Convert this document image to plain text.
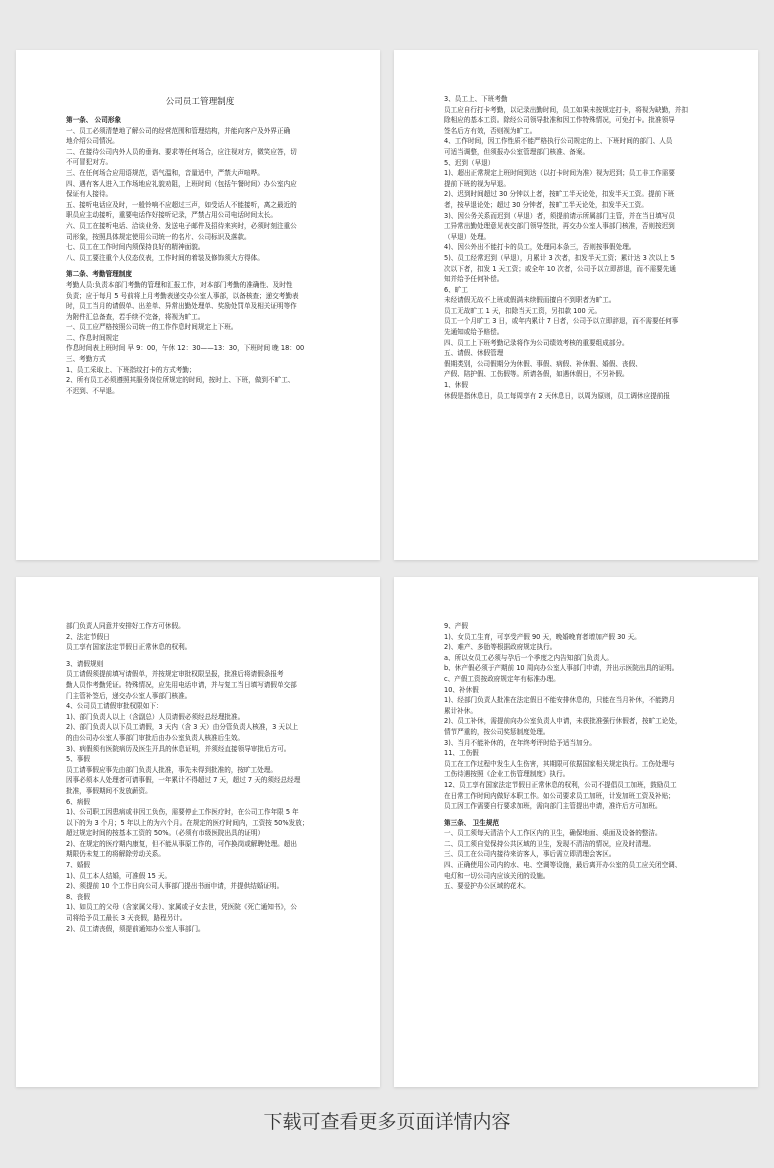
公司员工管理制度
第一条、 公司形象
一、员工必须清楚地了解公司的经营范围和管理结构，并能向客户及外界正确
地介绍公司情况。
二、在接待公司内外人员的垂询、要求等任何场合，应注视对方，微笑应答，切
不可冒犯对方。
三、在任何场合应用语规范，语气温和，音量适中，严禁大声喧哗。
四、遇有客人进入工作场地应礼貌劝阻，上班时间（包括午餐时间）办公室内应
保证有人接待。
五、接听电话应及时，一般铃响不应超过三声，如受话人不能接听，离之最近的
职员应主动接听，重要电话作好接听记录，严禁占用公司电话时间太长。
六、员工在接听电话、洽谈业务、发送电子邮件及招待来宾时，必须时刻注重公
司形象，按照具体规定使用公司统一的名片、公司标识及落款。
七、员工在工作时间内须保持良好的精神面貌。
八、员工要注重个人仪态仪表，工作时间的着装及修饰须大方得体。
第二条、考勤管理制度
考勤人员:负责本部门考勤的管理和汇报工作，对本部门考勤的准确性、及时性
负责；应于每月 5 号前将上月考勤表递交办公室人事部，以备核查；递交考勤表
时，员工当月的请假单、出差单、异常出勤处理单、奖励处罚单及相关证明等作
为附件汇总备查，若手续不完备，将视为旷工。
一、员工应严格按照公司统一的工作作息时间规定上下班。
二、作息时间规定
作息时间表上班时间 早 9：00，午休 12：30——13：30，下班时间 晚 18：00
三、考勤方式
1、员工采取上、下班指纹打卡的方式考勤；
2、所有员工必须遵照其服务岗位所规定的时间，按时上、下班，做到不旷工、
不迟到、不早退。
3、员工上、下班考勤
员工应自行打卡考勤，以记录出勤时间，员工如果未按规定打卡，将视为缺勤，并扣
除相应的基本工资。除经公司领导批准和因工作特殊情况，可免打卡。批准领导
签名后方有效，否则视为旷工。
4、工作时间，因工作性质不能严格执行公司规定的上、下班时间的部门、人员
可适当调整，但须报办公室管理部门核准、备案。
5、迟到（早退）
1)、超出正常规定上班时间到达（以打卡时间为准）视为迟到；员工非工作需要
提前下班的视为早退。
2)、迟到时间超过 30 分钟以上者，按旷工半天论处，扣发半天工资。提前下班
者，按早退论处；超过 30 分钟者，按旷工半天论处，扣发半天工资。
3)、因公务关系而迟到（早退）者，须提前请示所属部门主管，并在当日填写员
工异常出勤处理意见表交部门领导签批，再交办公室人事部门核准，否则按迟到
（早退）处理。
4)、因公外出不能打卡的员工，处理同本条三，否则按事假处理。
5)、员工经常迟到（早退），月累计 3 次者，扣发半天工资；累计达 3 次以上 5
次以下者，扣发 1 天工资；或全年 10 次者，公司予以立即辞退，而不需要先通
知并给予任何补偿。
6、旷工
未经请假无故不上班或假满未续假而擅自不到职者为旷工。
员工无故旷工 1 天，扣除当天工资，另扣款 100 元。
员工一个月旷工 3 日，或年内累计 7 日者，公司予以立即辞退，而不需要任何事
先通知或给予赔偿。
四、员工上下班考勤记录将作为公司绩效考核的重要组成部分。
五、请假、休假管理
假期类别，公司假期分为休假、事假、病假、补休假、婚假、丧假、
产假、陪护假、工伤假等。所请各假，如遇休假日，不另补假。
1、休假
休假是指休息日，员工每周享有 2 天休息日，以周为原则，员工调休应提前报
部门负责人同意并安排好工作方可休假。
2、法定节假日
员工享有国家法定节假日正常休息的权利。
3、请假规则
员工请假须提前填写请假单，并按规定审批权限呈报，批准后将请假条报考
勤人员作考勤凭证。特殊情况，应先用电话申请，并与复工当日填写请假单交部
门主管补签后，递交办公室人事部门核准。
4、公司员工请假审批权限如下：
1)、部门负责人以上（含副总）人员请假必须经总经理批准。
2)、部门负责人以下员工请假，3 天内（含 3 天）由分管负责人核准，3 天以上
的由公司办公室人事部门审批后由办公室负责人核准后生效。
3)、病假须有医院病历及医生开具的休息证明，并须经直接领导审批后方可。
5、事假
员工请事假应事先由部门负责人批准，事先未得到批准的，按旷工处理。
因事必须本人处理者可请事假，一年累计不得超过 7 天，超过 7 天的须经总经理
批准，事假期间不发放薪资。
6、病假
1)、公司职工因患病或非因工负伤，需要停止工作医疗时，在公司工作年限 5 年
以下的为 3 个月；5 年以上的为六个月。在规定的医疗时间内，工资按 50%发放；
超过规定时间的按基本工资的 50%。（必须有市级医院出具的证明）
2)、在规定的医疗期内康复，但不能从事原工作的，可作换岗或解聘处理。超出
期限仍未复工的将解除劳动关系。
7、婚假
1)、员工本人结婚，可准假 15 天。
2)、须提前 10 个工作日向公司人事部门提出书面申请，并提供结婚证明。
8、丧假
1)、如员工的父母（含家属父母）、家属或子女去世，凭医院《死亡通知书》，公
司将给予员工最长 3 天丧假，路程另计。
2)、员工请丧假，须提前通知办公室人事部门。
9、产假
1)、女员工生育，可享受产假 90 天，晚婚晚育者增加产假 30 天。
2)、难产、多胎等根据政府规定执行。
a、所以女员工必须与孕后一个季度之内告知部门负责人。
b、休产假必须于产期前 10 周向办公室人事部门申请，并出示医院出具的证明。
c、产假工资按政府规定年有标准办理。
10、补休假
1)、经部门负责人批准在法定假日不能安排休息的，只能在当月补休，不能跨月
累计补休。
2)、员工补休，需提前向办公室负责人申请，未获批准强行休假者，按旷工论处，
情节严重的，按公司奖惩制度处理。
3)、当月不能补休的，在年终考评时给予适当加分。
11、工伤假
员工在工作过程中发生人生伤害，其期限可依据国家相关规定执行。工伤处理与
工伤待遇按照《企业工伤管理制度》执行。
12、员工享有国家法定节假日正常休息的权利，公司不提倡员工加班，鼓励员工
在日常工作时间内做好本职工作。如公司要求员工加班，计发加班工资及补贴；
员工因工作需要自行要求加班，需向部门主管提出申请，准许后方可加班。
第三条、 卫生规范
一、员工须每天清洁个人工作区内的卫生，确保地面、桌面及设备的整洁。
二、员工须自觉保持公共区域的卫生，发现不清洁的情况，应及时清理。
三、员工在公司内接待来访客人，事后需立即清理会客区。
四、正确使用公司内的水、电、空调等设施，最后离开办公室的员工应关闭空调、
电灯和一切公司内应该关闭的设施。
五、要爱护办公区域的花木。
下载可查看更多页面详情内容
